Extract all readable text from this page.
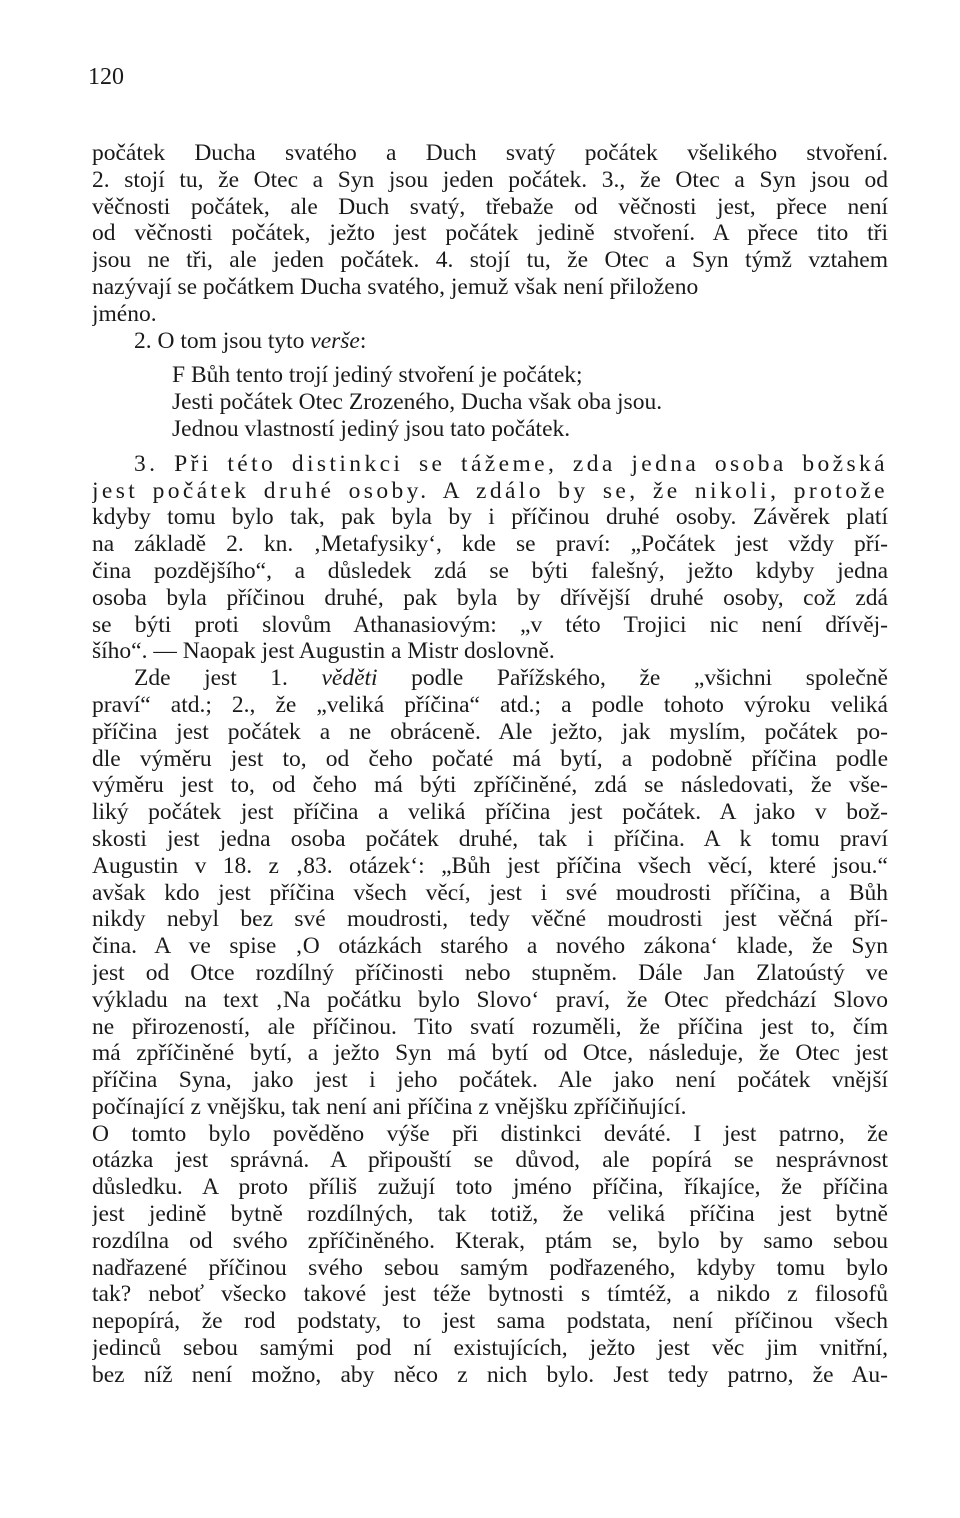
120
počátek Ducha svatého a Duch svatý počátek všelikého stvoření.
2. stojí tu, že Otec a Syn jsou jeden počátek. 3., že Otec a Syn jsou od
věčnosti počátek, ale Duch svatý, třebaže od věčnosti jest, přece není
od věčnosti počátek, ježto jest počátek jedině stvoření. A přece tito tři
jsou ne tři, ale jeden počátek. 4. stojí tu, že Otec a Syn týmž vztahem
nazývají se počátkem Ducha svatého, jemuž však není přiloženo
jméno.
2. O tom jsou tyto verše:
F Bůh tento trojí jediný stvoření je počátek;
Jesti počátek Otec Zrozeného, Ducha však oba jsou.
Jednou vlastností jediný jsou tato počátek.
3. Při této distinkci se tážeme, zda jedna osoba božská
jest počátek druhé osoby. A zdálo by se, že nikoli, protože
kdyby tomu bylo tak, pak byla by i příčinou druhé osoby. Závěrek platí
na základě 2. kn. ‚Metafysiky‘, kde se praví: „Počátek jest vždy pří-
čina pozdějšího“, a důsledek zdá se býti falešný, ježto kdyby jedna
osoba byla příčinou druhé, pak byla by dřívější druhé osoby, což zdá
se býti proti slovům Athanasiovým: „v této Trojici nic není dřívěj-
šího“. — Naopak jest Augustin a Mistr doslovně.
Zde jest 1. věděti podle Pařížského, že „všichni společně
praví“ atd.; 2., že „veliká příčina“ atd.; a podle tohoto výroku veliká
příčina jest počátek a ne obráceně. Ale ježto, jak myslím, počátek po-
dle výměru jest to, od čeho počaté má bytí, a podobně příčina podle
výměru jest to, od čeho má býti zpříčiněné, zdá se následovati, že vše-
liký počátek jest příčina a veliká příčina jest počátek. A jako v bož-
skosti jest jedna osoba počátek druhé, tak i příčina. A k tomu praví
Augustin v 18. z ‚83. otázek‘: „Bůh jest příčina všech věcí, které jsou.“
avšak kdo jest příčina všech věcí, jest i své moudrosti příčina, a Bůh
nikdy nebyl bez své moudrosti, tedy věčné moudrosti jest věčná pří-
čina. A ve spise ‚O otázkách starého a nového zákona‘ klade, že Syn
jest od Otce rozdílný příčinosti nebo stupněm. Dále Jan Zlatoústý ve
výkladu na text ‚Na počátku bylo Slovo‘ praví, že Otec předchází Slovo
ne přirozeností, ale příčinou. Tito svatí rozuměli, že příčina jest to, čím
má zpříčiněné bytí, a ježto Syn má bytí od Otce, následuje, že Otec jest
příčina Syna, jako jest i jeho počátek. Ale jako není počátek vnější
počínající z vnějšku, tak není ani příčina z vnějšku zpříčiňující.
O tomto bylo pověděno výše při distinkci deváté. I jest patrno, že
otázka jest správná. A připouští se důvod, ale popírá se nesprávnost
důsledku. A proto příliš zužují toto jméno příčina, říkajíce, že příčina
jest jedině bytně rozdílných, tak totiž, že veliká příčina jest bytně
rozdílna od svého zpříčiněného. Kterak, ptám se, bylo by samo sebou
nadřazené příčinou svého sebou samým podřazeného, kdyby tomu bylo
tak? neboť všecko takové jest téže bytnosti s tímtéž, a nikdo z filosofů
nepopírá, že rod podstaty, to jest sama podstata, není příčinou všech
jedinců sebou samými pod ní existujících, ježto jest věc jim vnitřní,
bez níž není možno, aby něco z nich bylo. Jest tedy patrno, že Au-
